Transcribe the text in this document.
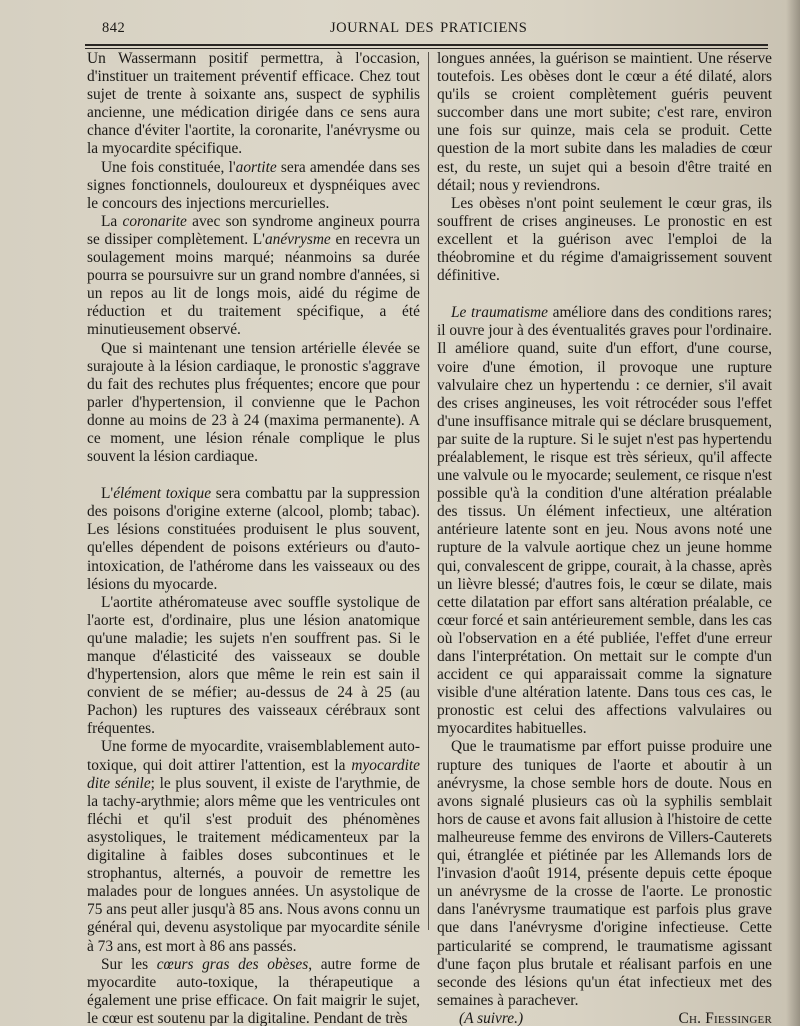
842	JOURNAL DES PRATICIENS

Un Wassermann positif permettra, à l'occasion, d'instituer un traitement préventif efficace. Chez tout sujet de trente à soixante ans, suspect de syphilis ancienne, une médication dirigée dans ce sens aura chance d'éviter l'aortite, la coronarite, l'anévrysme ou la myocardite spécifique.

Une fois constituée, l'aortite sera amendée dans ses signes fonctionnels, douloureux et dyspnéiques avec le concours des injections mercurielles.

La coronarite avec son syndrome angineux pourra se dissiper complètement. L'anévrysme en recevra un soulagement moins marqué; néanmoins sa durée pourra se poursuivre sur un grand nombre d'années, si un repos au lit de longs mois, aidé du régime de réduction et du traitement spécifique, a été minutieusement observé.

Que si maintenant une tension artérielle élevée se surajoute à la lésion cardiaque, le pronostic s'aggrave du fait des rechutes plus fréquentes; encore que pour parler d'hypertension, il convienne que le Pachon donne au moins de 23 à 24 (maxima permanente). A ce moment, une lésion rénale complique le plus souvent la lésion cardiaque.

L'élément toxique sera combattu par la suppression des poisons d'origine externe (alcool, plomb; tabac). Les lésions constituées produisent le plus souvent, qu'elles dépendent de poisons extérieurs ou d'auto-intoxication, de l'athérome dans les vaisseaux ou des lésions du myocarde.

L'aortite athéromateuse avec souffle systolique de l'aorte est, d'ordinaire, plus une lésion anatomique qu'une maladie; les sujets n'en souffrent pas. Si le manque d'élasticité des vaisseaux se double d'hypertension, alors que même le rein est sain il convient de se méfier; au-dessus de 24 à 25 (au Pachon) les ruptures des vaisseaux cérébraux sont fréquentes.

Une forme de myocardite, vraisemblablement auto-toxique, qui doit attirer l'attention, est la myocardite dite sénile; le plus souvent, il existe de l'arythmie, de la tachy-arythmie; alors même que les ventricules ont fléchi et qu'il s'est produit des phénomènes asystoliques, le traitement médicamenteux par la digitaline à faibles doses subcontinues et le strophantus, alternés, a pouvoir de remettre les malades pour de longues années. Un asystolique de 75 ans peut aller jusqu'à 85 ans. Nous avons connu un général qui, devenu asystolique par myocardite sénile à 73 ans, est mort à 86 ans passés.

Sur les cœurs gras des obèses, autre forme de myocardite auto-toxique, la thérapeutique a également une prise efficace. On fait maigrir le sujet, le cœur est soutenu par la digitaline. Pendant de très

longues années, la guérison se maintient. Une réserve toutefois. Les obèses dont le cœur a été dilaté, alors qu'ils se croient complètement guéris peuvent succomber dans une mort subite; c'est rare, environ une fois sur quinze, mais cela se produit. Cette question de la mort subite dans les maladies de cœur est, du reste, un sujet qui a besoin d'être traité en détail; nous y reviendrons.

Les obèses n'ont point seulement le cœur gras, ils souffrent de crises angineuses. Le pronostic en est excellent et la guérison avec l'emploi de la théobromine et du régime d'amaigrissement souvent définitive.

Le traumatisme améliore dans des conditions rares; il ouvre jour à des éventualités graves pour l'ordinaire. Il améliore quand, suite d'un effort, d'une course, voire d'une émotion, il provoque une rupture valvulaire chez un hypertendu : ce dernier, s'il avait des crises angineuses, les voit rétrocéder sous l'effet d'une insuffisance mitrale qui se déclare brusquement, par suite de la rupture. Si le sujet n'est pas hypertendu préalablement, le risque est très sérieux, qu'il affecte une valvule ou le myocarde; seulement, ce risque n'est possible qu'à la condition d'une altération préalable des tissus. Un élément infectieux, une altération antérieure latente sont en jeu. Nous avons noté une rupture de la valvule aortique chez un jeune homme qui, convalescent de grippe, courait, à la chasse, après un lièvre blessé; d'autres fois, le cœur se dilate, mais cette dilatation par effort sans altération préalable, ce cœur forcé et sain antérieurement semble, dans les cas où l'observation en a été publiée, l'effet d'une erreur dans l'interprétation. On mettait sur le compte d'un accident ce qui apparaissait comme la signature visible d'une altération latente. Dans tous ces cas, le pronostic est celui des affections valvulaires ou myocardites habituelles.

Que le traumatisme par effort puisse produire une rupture des tuniques de l'aorte et aboutir à un anévrysme, la chose semble hors de doute. Nous en avons signalé plusieurs cas où la syphilis semblait hors de cause et avons fait allusion à l'histoire de cette malheureuse femme des environs de Villers-Cauterets qui, étranglée et piétinée par les Allemands lors de l'invasion d'août 1914, présente depuis cette époque un anévrysme de la crosse de l'aorte. Le pronostic dans l'anévrysme traumatique est parfois plus grave que dans l'anévrysme d'origine infectieuse. Cette particularité se comprend, le traumatisme agissant d'une façon plus brutale et réalisant parfois en une seconde des lésions qu'un état infectieux met des semaines à parachever.

(A suivre.)	Ch. Fiessinger
